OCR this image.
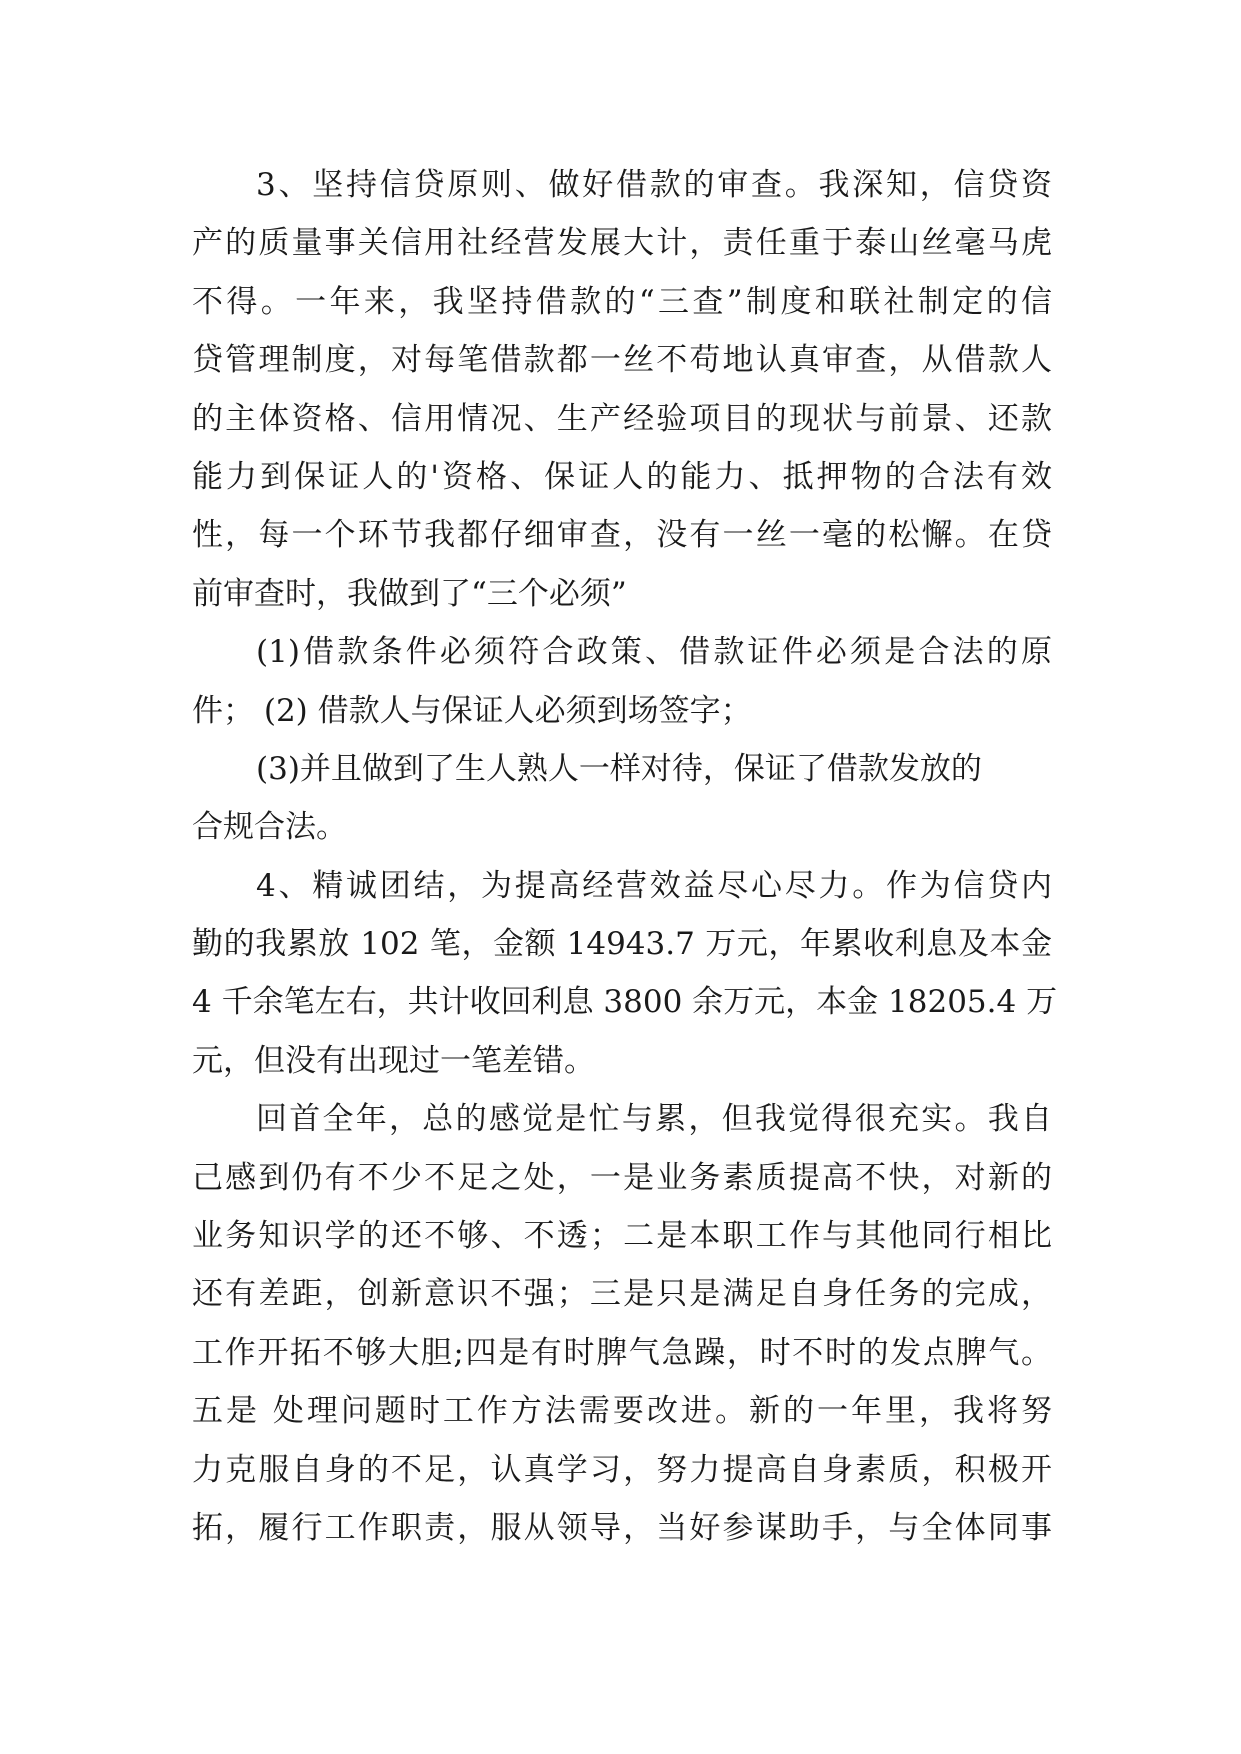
3、坚持信贷原则、做好借款的审查。我深知，信贷资
产的质量事关信用社经营发展大计，责任重于泰山丝毫马虎
不得。一年来，我坚持借款的“三查”制度和联社制定的信
贷管理制度，对每笔借款都一丝不苟地认真审查，从借款人
的主体资格、信用情况、生产经验项目的现状与前景、还款
能力到保证人的'资格、保证人的能力、抵押物的合法有效
性，每一个环节我都仔细审查，没有一丝一毫的松懈。在贷
前审查时，我做到了“三个必须”
(1)借款条件必须符合政策、借款证件必须是合法的原
件； (2) 借款人与保证人必须到场签字；
(3)并且做到了生人熟人一样对待，保证了借款发放的
合规合法。
4、精诚团结，为提高经营效益尽心尽力。作为信贷内
勤的我累放 102 笔，金额 14943.7 万元，年累收利息及本金
4 千余笔左右，共计收回利息 3800 余万元，本金 18205.4 万
元，但没有出现过一笔差错。
回首全年，总的感觉是忙与累，但我觉得很充实。我自
己感到仍有不少不足之处，一是业务素质提高不快，对新的
业务知识学的还不够、不透；二是本职工作与其他同行相比
还有差距，创新意识不强；三是只是满足自身任务的完成，
工作开拓不够大胆;四是有时脾气急躁，时不时的发点脾气。
五是 处理问题时工作方法需要改进。新的一年里，我将努
力克服自身的不足，认真学习，努力提高自身素质，积极开
拓，履行工作职责，服从领导，当好参谋助手，与全体同事
